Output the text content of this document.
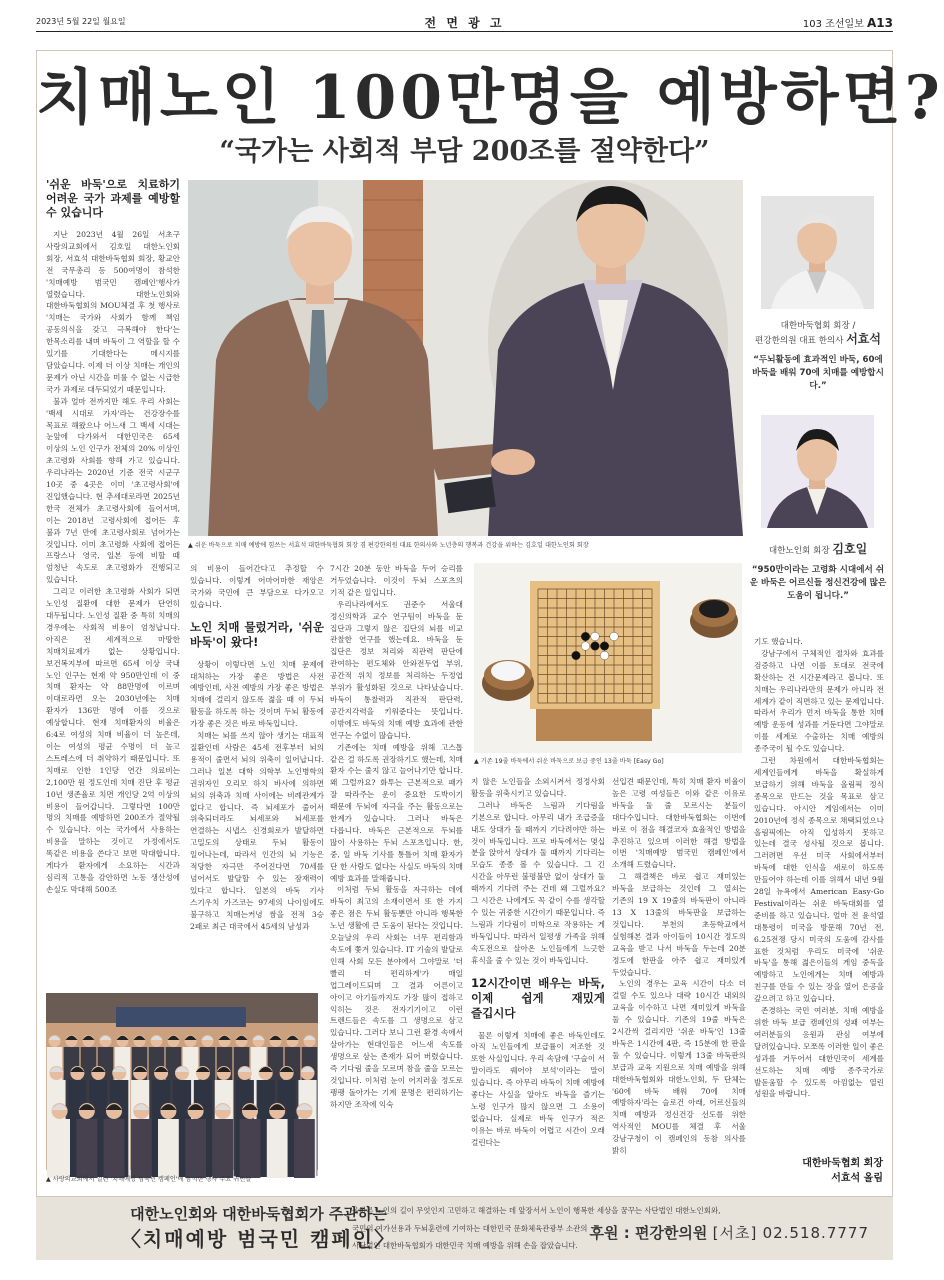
2023년 5월 22일 월요일	전 면 광 고	103 조선일보 A13
치매노인 100만명을 예방하면?
“국가는 사회적 부담 200조를 절약한다”

'쉬운 바둑'으로 치료하기 어려운 국가 과제를 예방할 수 있습니다

지난 2023년 4월 26일 서초구 사랑의교회에서 김호일 대한노인회 회장, 서효석 대한바둑협회 회장, 황교안 전 국무총리 등 500여명이 참석한 '치매예방 범국민 캠페인'행사가 열렸습니다. 대한노인회와 대한바둑협회의 MOU체결 후 첫 행사로 '치매는 국가와 사회가 함께 책임 공동의식을 갖고 극복해야 한다'는 한목소리를 내며 바둑이 그 역할을 할 수 있기를 기대한다는 메시지를 담았습니다. 이제 더 이상 치매는 개인의 문제가 아닌 시간을 미룰 수 없는 시급한 국가 과제로 대두되었기 때문입니다.

불과 얼마 전까지만 해도 우리 사회는 '백세 시대로 가자'라는 건강장수를 목표로 해왔으나 어느새 그 백세 시대는 눈앞에 다가와서 대한민국은 65세 이상의 노인 인구가 전체의 20% 이상인 초고령화 사회를 향해 가고 있습니다. 우리나라는 2020년 기준 전국 시군구 10곳 중 4곳은 이미 '초고령사회'에 진입했습니다. 현 추세대로라면 2025년 한국 전체가 초고령사회에 들어서며, 이는 2018년 고령사회에 접어든 후 불과 7년 만에 초고령사회로 넘어가는 것입니다. 이미 초고령화 사회에 접어든 프랑스나 영국, 일본 등에 비할 때 엄청난 속도로 초고령화가 진행되고 있습니다.

그리고 이러한 초고령화 사회가 되면 노인성 질환에 대한 문제가 단연히 대두됩니다. 노인성 질환 중 특히 치매의 경우에는 사회적 비용이 엄청납니다. 아직은 전 세계적으로 마땅한 치매치료제가 없는 상황입니다. 보건복지부에 따르면 65세 이상 국내 노인 인구는 현재 약 950만인데 이 중 치매 환자는 약 88만명에 이르며 이대로라면 오는 2030년에는 치매 환자가 136만 명에 이를 것으로 예상합니다. 현재 치매환자의 비율은 6:4로 여성의 치매 비율이 더 높은데, 이는 여성의 평균 수명이 더 높고 스트레스에 더 취약하기 때문입니다. 또 치매로 인한 1인당 연간 의료비는 2,100만 원 정도인데 치매 진단 후 평균 10년 생존율로 치면 개인당 2억 이상의 비용이 들어갑니다. 그렇다면 100만 명의 치매를 예방하면 200조가 절약될 수 있습니다. 이는 국가에서 사용하는 비용을 말하는 것이고 가정에서도 똑같은 비용을 쓴다고 보면 막대합니다. 게다가 환자에게 소요하는 시간과 심리적 고통을 감안하면 노동 생산성에 손실도 막대해 500조

▲ 쉬운 바둑으로 치매 예방에 힘쓰는 서효석 대한바둑협회 회장 겸 편강한의원 대표 한의사와 노년층의 행복과 건강을 위하는 김호일 대한노인회 회장

의 비용이 들어간다고 추정할 수 있습니다. 이렇게 어마어마한 재앙은 국가와 국민에 큰 부담으로 다가오고 있습니다.

노인 치매 물렀거라, '쉬운 바둑'이 왔다!

상황이 이렇다면 노인 치매 문제에 대처하는 가장 좋은 방법은 사전 예방인데, 사전 예방의 가장 좋은 방법은 치매에 걸리지 않도록 젊을 때 이 두뇌 활동을 하도록 하는 것이며 두뇌 활동에 가장 좋은 것은 바로 바둑입니다.

치매는 뇌를 쓰지 않아 생기는 대표적 질환인데 사람은 45세 전후부터 뇌의 용적이 줄면서 뇌의 위축이 일어납니다. 그러나 일본 대학 의학부 노인병학의 권위자인 오리모 하치 바사에 의하면 뇌의 위축과 치매 사이에는 비례관계가 없다고 합니다. 즉 뇌세포가 줄어서 위축되더라도 뇌세포와 뇌세포를 연결하는 시냅스 신경회로가 발달하면 고밀도의 상태로 두뇌 활동이 일어나는데, 따라서 인간의 뇌 기능은 적당한 자극만 주어진다면 70세를 넘어서도 발달할 수 있는 잠재력이 있다고 합니다. 일본의 바둑 기사 스기우치 가즈코는 97세의 나이임에도 불구하고 치매는커녕 쌈을 전적 3승 2패로 최근 대국에서 45세의 남성과

7시간 20분 동안 바둑을 두어 승리를 거두었습니다. 이것이 두뇌 스포츠의 기적 같은 일입니다.

우리나라에서도 권준수 서울대 정신의학과 교수 연구팀이 바둑을 둔 집단과 그렇지 않은 집단의 뇌를 비교 관찰한 연구를 했는데요. 바둑을 둔 집단은 정보 처리와 직관력 판단에 관여하는 편도체와 안와전두엽 부위, 공간적 위치 정보를 처리하는 두정엽 부위가 활성화된 것으로 나타났습니다. 바둑이 통찰력과 직관적 판단력, 공간지각력을 키워준다는 뜻입니다. 이밖에도 바둑의 치매 예방 효과에 관한 연구는 수없이 많습니다.

기존에는 치매 예방을 위해 고스톱 같은 걸 하도록 권장하기도 했는데, 치매 환자 수는 줄지 않고 늘어나기만 합니다. 왜 그럴까요? 화투는 근본적으로 패가 잘 따라주는 운이 중요한 도박이기 때문에 두뇌에 자극을 주는 활동으로는 한계가 있습니다. 그러나 바둑은 다릅니다. 바둑은 근본적으로 두뇌를 많이 사용하는 두뇌 스포츠입니다. 한, 중, 일 바둑 기사를 통틀어 치매 환자가 단 한 사람도 없다는 사실도 바둑의 치매 예방 효과를 말해줍니다.

이처럼 두뇌 활동을 자극하는 데에 바둑이 최고의 소재이면서 또 한 가지 좋은 점은 두뇌 활동뿐만 아니라 행복한 노년 생활에 큰 도움이 된다는 것입니다. 오늘날의 우리 사회는 너무 편리함과 속도에 쫓겨 있습니다. IT 기술의 발달로 인해 사회 모든 분야에서 그야말로 '더 빨리 더 편리하게'가 매일 업그레이드되며 그 결과 어른이고 아이고 아기들까지도 가장 많이 접하고 익히는 것은 전자기기이고 이런 트렌드들은 속도를 그 생명으로 삼고 있습니다. 그러다 보니 그런 환경 속에서 살아가는 현대인들은 어느새 속도를 생명으로 삼는 존재가 되어 버렸습니다. 즉 기다림 줄을 모르며 참을 줄을 모르는 것입니다. 이처럼 눈이 어지러울 정도로 팽팽 돌아가는 기계 문명은 편리하기는 하지만 조작에 익숙

▲ 기존 19줄 바둑에서 쉬운 바둑으로 보급 중인 13줄 바둑 [Easy Go]

지 않은 노인들을 소외시켜서 정정사회 활동을 위축시키고 있습니다.

그러나 바둑은 느림과 기다림을 기본으로 합니다. 아무리 내가 조급증을 내도 상대가 둘 때까지 기다려야만 하는 것이 바둑입니다. 프로 바둑에서는 몇십 분을 앉아서 상대가 둘 때까지 기다리는 모습도 종종 볼 수 있습니다. 그 긴 시간을 아무런 불평불만 없이 상대가 둘 때까지 기다려 주는 건데 왜 그럴까요? 그 시간은 나에게도 꼭 같이 수를 생각할 수 있는 귀중한 시간이기 때문입니다. 즉 느림과 기다림이 미학으로 작용하는 게 바둑입니다. 따라서 일평생 가족을 위해 속도전으로 살아온 노인들에게 느긋한 휴식을 줄 수 있는 것이 바둑입니다.

12시간이면 배우는 바둑, 이제 쉽게 재밌게 즐깁시다

물론 이렇게 치매에 좋은 바둑인데도 아직 노인들에게 보급률이 저조한 것 또한 사실입니다. 우리 속담에 '구슬이 서 말이라도 꿰어야 보석'이라는 말이 있습니다. 즉 아무리 바둑이 치매 예방에 좋다는 사실을 알아도 바둑을 즐기는 노령 인구가 많지 않으면 그 소용이 없습니다. 실제로 바둑 인구가 적은 이유는 바로 바둑이 어렵고 시간이 오래 걸린다는

선입견 때문인데, 특히 치매 환자 비율이 높은 고령 여성들은 이와 같은 이유로 바둑을 둘 줄 모르시는 분들이 대다수입니다. 대한바둑협회는 이번에 바로 이 점을 해결코자 효율적인 방법을 추진하고 있으며 이러한 해결 방법을 이번 '치매예방 범국민 캠페인'에서 소개해 드렸습니다.

그 해결책은 바로 쉽고 재미있는 바둑을 보급하는 것인데 그 열쇠는 기존의 19 X 19줄의 바둑판이 아니라 13 X 13줄의 바둑판을 보급하는 것입니다. 부천의 초등학교에서 실험해본 결과 아이들이 10시간 정도의 교육을 받고 나서 바둑을 두는데 20분 정도에 한판을 아주 쉽고 재미있게 두었습니다.

노인의 경우는 교육 시간이 다소 더 걸릴 수도 있으나 대략 10시간 내외의 교육을 이수하고 나면 재미있게 바둑을 둘 수 있습니다. 기존의 19줄 바둑은 2시간씩 걸리지만 '쉬운 바둑'인 13줄 바둑은 1시간에 4판, 즉 15분에 한 판을 둘 수 있습니다. 이렇게 13줄 바둑판의 보급과 교육 지원으로 치매 예방을 위해 대한바둑협회와 대한노인회, 두 단체는 '60에 바둑 배워 70에 치매 예방하자'라는 슬로건 아래, 어르신들의 치매 예방과 정신건강 선도를 위한 역사적인 MOU를 체결 후 서울 강남구청이 이 캠페인의 동참 의사를 밝히

대한바둑협회 회장 /
편강한의원 대표 한의사 서효석
“두뇌활동에 효과적인 바둑, 60에 바둑을 배워 70에 치매를 예방합시다.”
대한노인회 회장 김호일
“950만이라는 고령화 시대에서 쉬운 바둑은 어르신들 정신건강에 많은 도움이 됩니다.”

기도 했습니다.

강남구에서 구체적인 절차와 효과를 검증하고 나면 이를 토대로 전국에 확산하는 건 시간문제라고 봅니다. 또 치매는 우리나라만의 문제가 아니라 전 세계가 같이 직면하고 있는 문제입니다. 따라서 우리가 먼저 바둑을 통한 치매 예방 운동에 성과를 거둔다면 그야말로 이를 세계로 수출하는 치매 예방의 종주국이 될 수도 있습니다.

그런 차원에서 대한바둑협회는 세계인들에게 바둑을 확실하게 보급하기 위해 바둑을 올림픽 정식 종목으로 만드는 것을 목표로 삼고 있습니다. 아시안 게임에서는 이미 2010년에 정식 종목으로 채택되었으나 올림픽에는 아직 입성하지 못하고 있는데 결국 성사될 것으로 봅니다. 그러려면 우선 미국 사회에서부터 바둑에 대한 인식을 새로이 하도록 만들어야 하는데 이를 위해서 내년 9월 28일 뉴욕에서 American Easy-Go Festival이라는 쉬운 바둑대회를 열 준비를 하고 있습니다. 얼마 전 윤석열 대통령이 미국을 방문해 70년 전, 6.25전쟁 당시 미국의 도움에 감사를 표한 것처럼 우리도 미국에 '쉬운 바둑'을 통해 젊은이들의 게임 중독을 예방하고 노인에게는 치매 예방과 친구를 만들 수 있는 장을 열어 은공을 갚으려고 하고 있습니다.

존경하는 국민 여러분, 치매 예방을 위한 바둑 보급 캠페인의 성패 여부는 여러분들의 응원과 관심 여부에 달려있습니다. 모쪼록 이러한 일이 좋은 성과를 거두어서 대한민국이 세계를 선도하는 치매 예방 종주국가로 발돋움할 수 있도록 아낌없는 열린 성원을 바랍니다.

대한바둑협회 회장
서효석 올림
▲ 사랑의교회에서 열린 '치매예방 범국민 캠페인'에 참석한 행사 주요 귀빈들
대한노인회와 대한바둑협회가 주관하는
〈치매예방 범국민 캠페인〉
올바른 노인의 길이 무엇인지 고민하고 해결하는 데 앞장서서 노인이 행복한 세상을 꿈꾸는 사단법인 대한노인회와,
국민의 여가선용과 두뇌훈련에 기여하는 대한민국 문화체육관광부 소관의
사단법인 대한바둑협회가 대한민국 치매 예방을 위해 손을 잡았습니다.
후원 : 편강한의원 [서초] 02.518.7777
